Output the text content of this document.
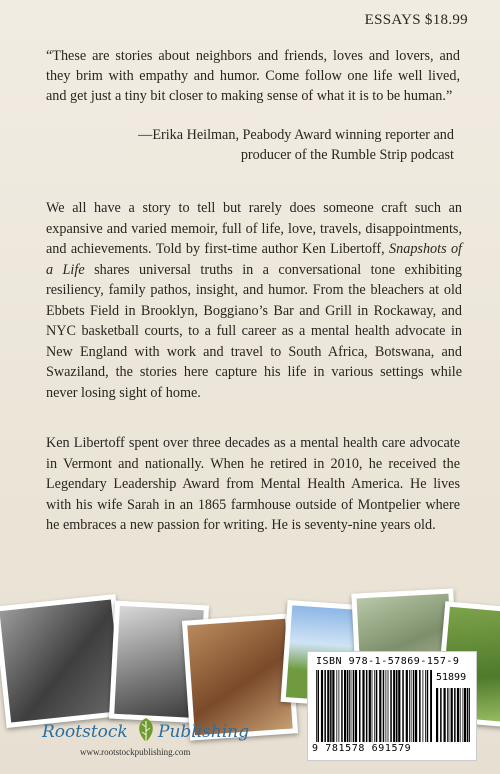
ESSAYS $18.99

“These are stories about neighbors and friends, loves and lovers, and they brim with empathy and humor. Come follow one life well lived, and get just a tiny bit closer to making sense of what it is to be human.”

—Erika Heilman, Peabody Award winning reporter and
producer of the Rumble Strip podcast

We all have a story to tell but rarely does someone craft such an expansive and varied memoir, full of life, love, travels, disappointments, and achievements. Told by first-time author Ken Libertoff, Snapshots of a Life shares universal truths in a conversational tone exhibiting resiliency, family pathos, insight, and humor. From the bleachers at old Ebbets Field in Brooklyn, Boggiano’s Bar and Grill in Rockaway, and NYC basketball courts, to a full career as a mental health advocate in New England with work and travel to South Africa, Botswana, and Swaziland, the stories here capture his life in various settings while never losing sight of home.

Ken Libertoff spent over three decades as a mental health care advocate in Vermont and nationally. When he retired in 2010, he received the Legendary Leadership Award from Mental Health America. He lives with his wife Sarah in an 1865 farmhouse outside of Montpelier where he embraces a new passion for writing. He is seventy-nine years old.

ISBN 978-1-57869-157-9
51899
9 781578 691579
Rootstock Publishing
www.rootstockpublishing.com
